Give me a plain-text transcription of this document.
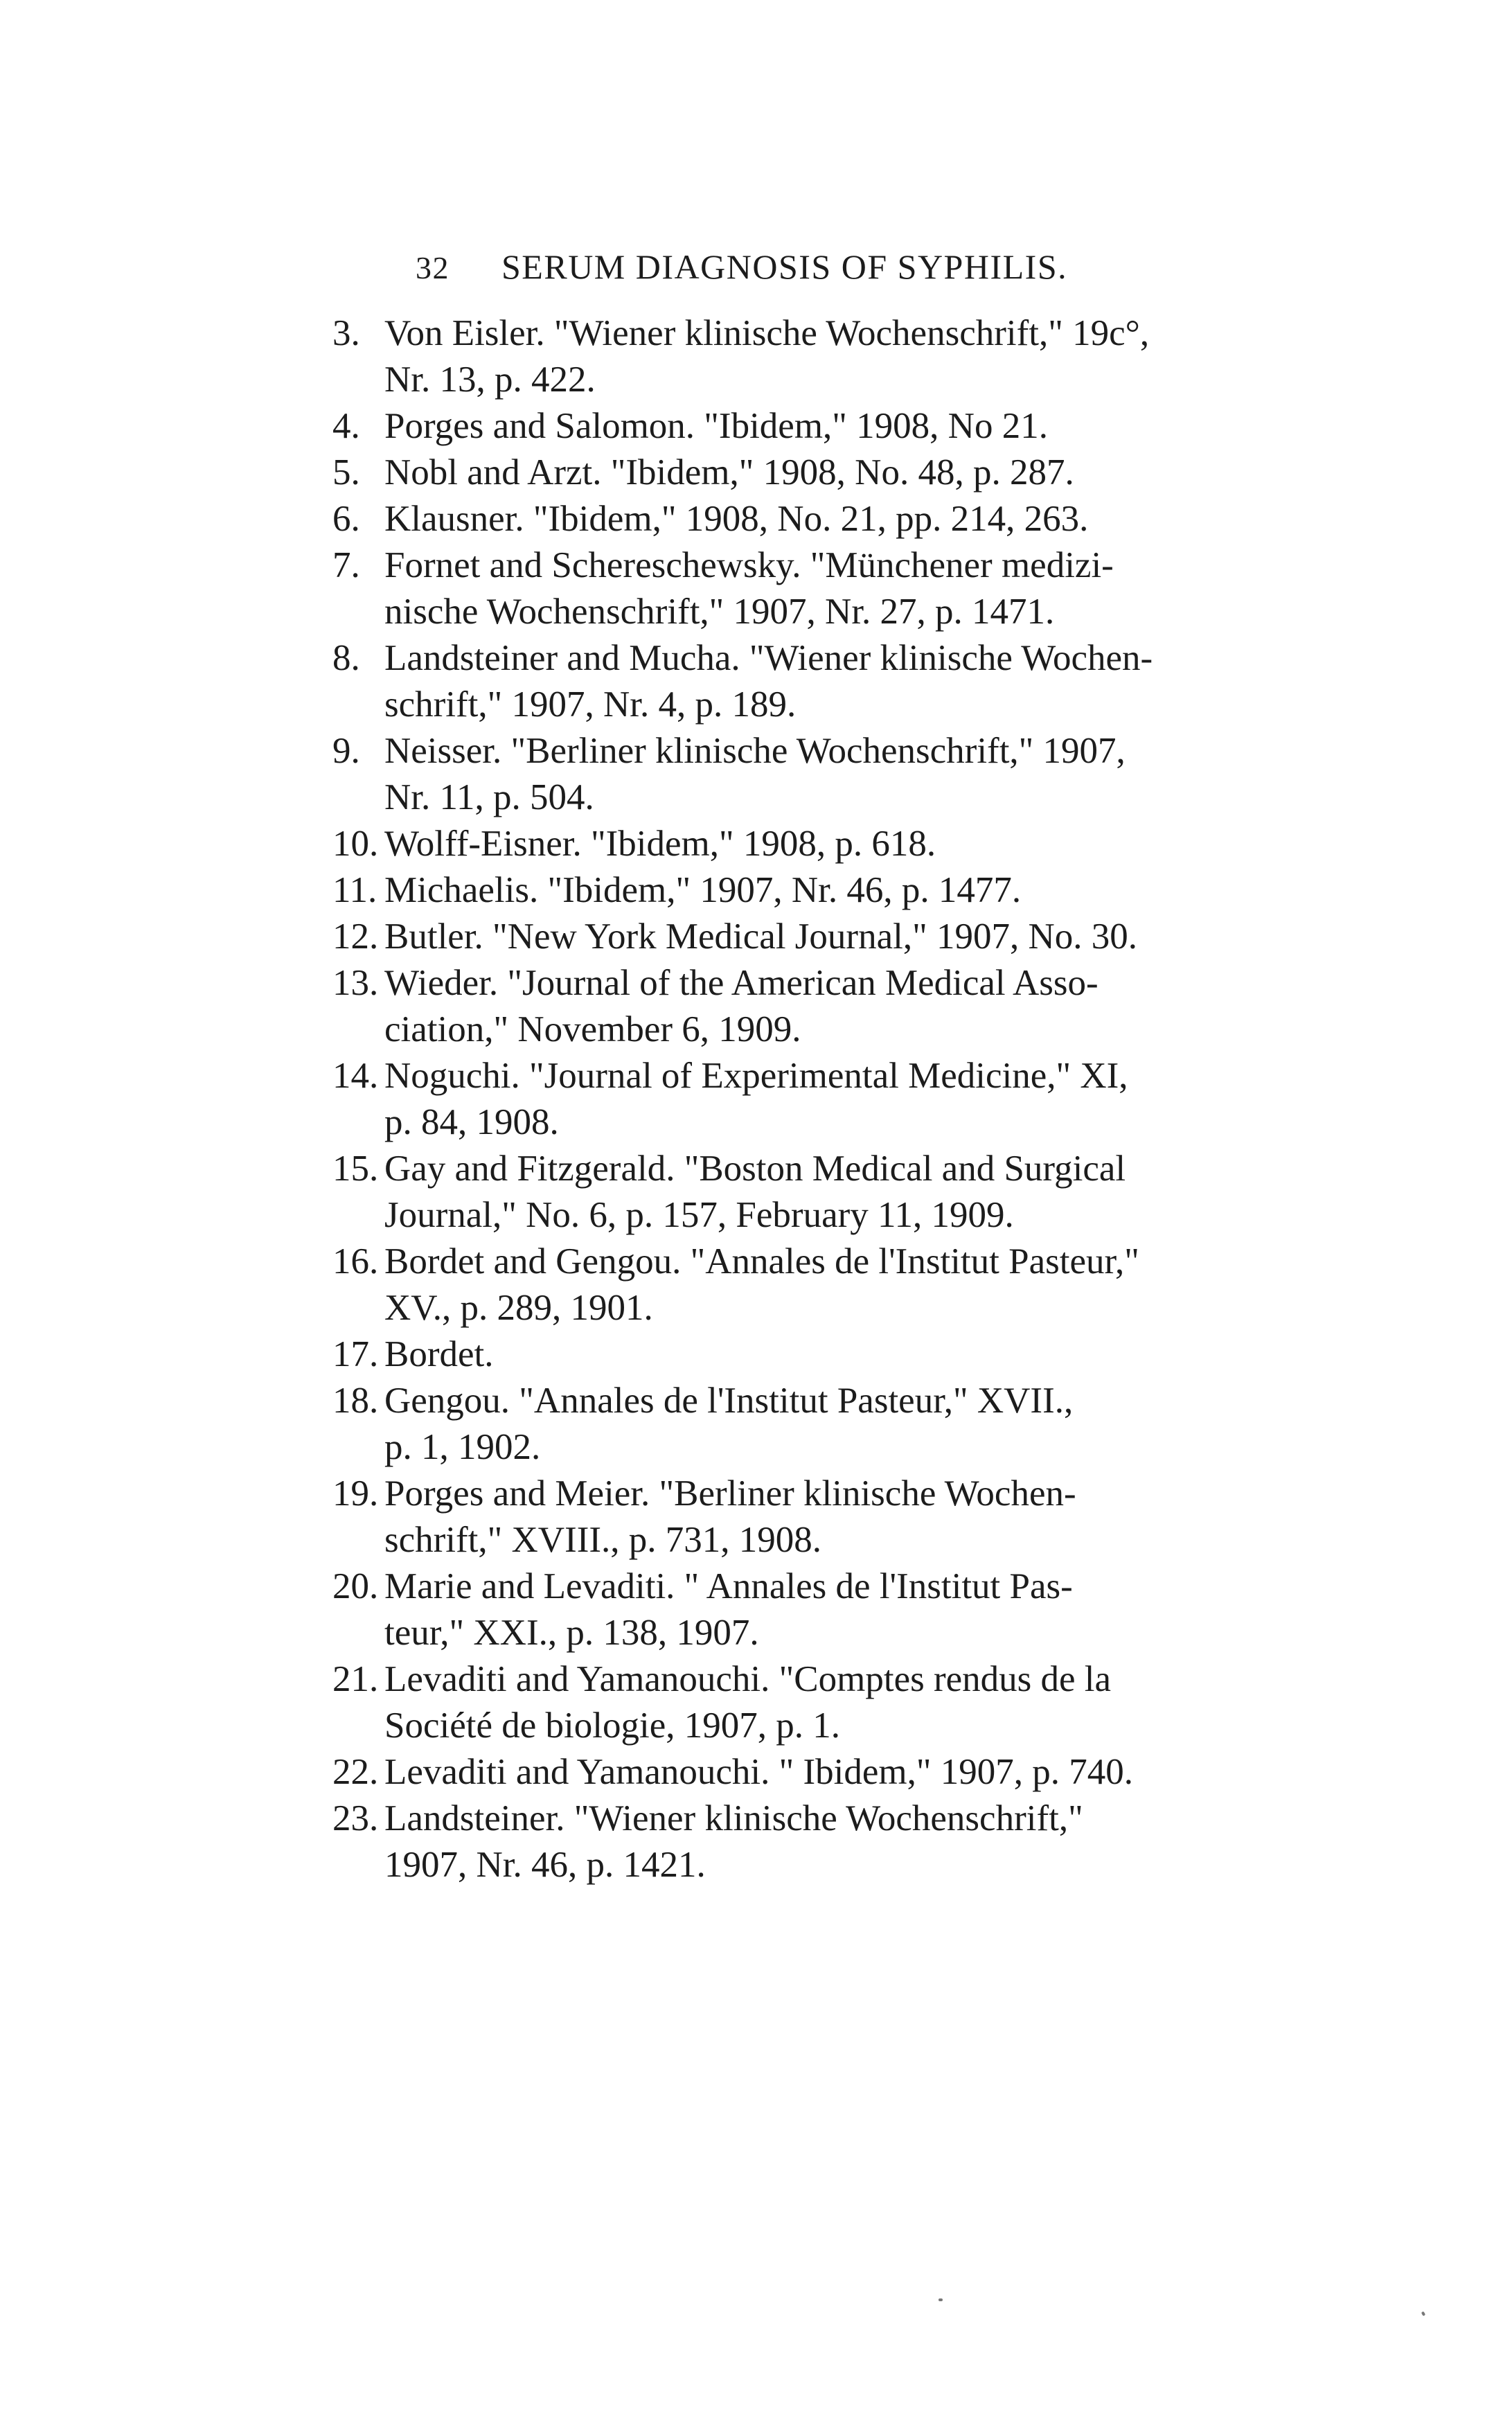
32 SERUM DIAGNOSIS OF SYPHILIS.
3. Von Eisler. "Wiener klinische Wochenschrift," 19c°,
Nr. 13, p. 422.
4. Porges and Salomon. "Ibidem," 1908, No 21.
5. Nobl and Arzt. "Ibidem," 1908, No. 48, p. 287.
6. Klausner. "Ibidem," 1908, No. 21, pp. 214, 263.
7. Fornet and Schereschewsky. "Münchener medizi-
nische Wochenschrift," 1907, Nr. 27, p. 1471.
8. Landsteiner and Mucha. "Wiener klinische Wochen-
schrift," 1907, Nr. 4, p. 189.
9. Neisser. "Berliner klinische Wochenschrift," 1907,
Nr. 11, p. 504.
10. Wolff-Eisner. "Ibidem," 1908, p. 618.
11. Michaelis. "Ibidem," 1907, Nr. 46, p. 1477.
12. Butler. "New York Medical Journal," 1907, No. 30.
13. Wieder. "Journal of the American Medical Asso-
ciation," November 6, 1909.
14. Noguchi. "Journal of Experimental Medicine," XI,
p. 84, 1908.
15. Gay and Fitzgerald. "Boston Medical and Surgical
Journal," No. 6, p. 157, February 11, 1909.
16. Bordet and Gengou. "Annales de l'Institut Pasteur,"
XV., p. 289, 1901.
17. Bordet.
18. Gengou. "Annales de l'Institut Pasteur," XVII.,
p. 1, 1902.
19. Porges and Meier. "Berliner klinische Wochen-
schrift," XVIII., p. 731, 1908.
20. Marie and Levaditi. " Annales de l'Institut Pas-
teur," XXI., p. 138, 1907.
21. Levaditi and Yamanouchi. "Comptes rendus de la
Société de biologie, 1907, p. 1.
22. Levaditi and Yamanouchi. " Ibidem," 1907, p. 740.
23. Landsteiner. "Wiener klinische Wochenschrift,"
1907, Nr. 46, p. 1421.
